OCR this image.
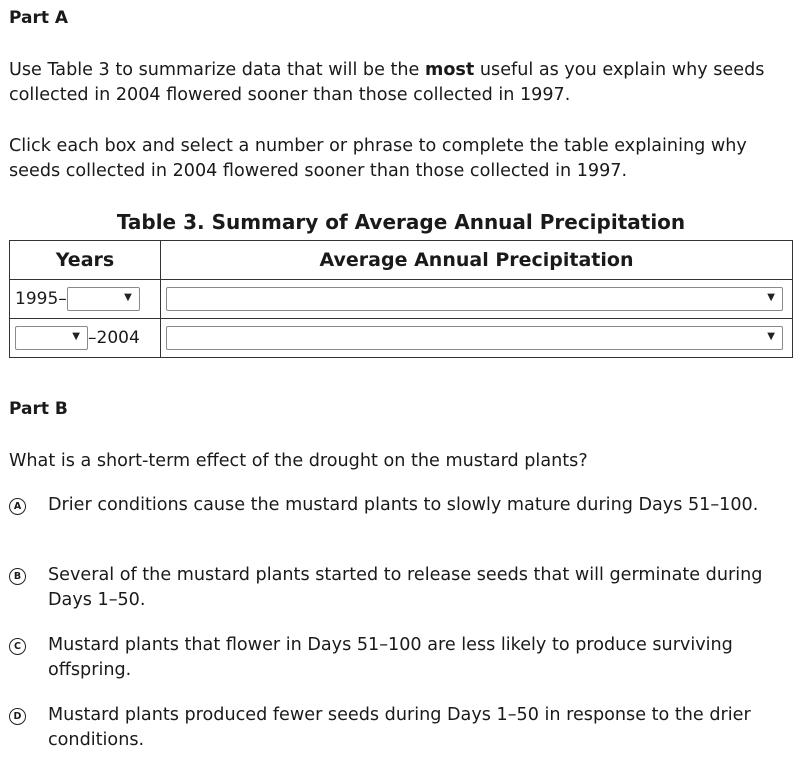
Part A
Use Table 3 to summarize data that will be the most useful as you explain why seeds collected in 2004 flowered sooner than those collected in 1997.
Click each box and select a number or phrase to complete the table explaining why seeds collected in 2004 flowered sooner than those collected in 1997.
Table 3. Summary of Average Annual Precipitation
Years	Average Annual Precipitation
1995– ▼	▼

▼ –2004	▼
Part B
What is a short-term effect of the drought on the mustard plants?
A Drier conditions cause the mustard plants to slowly mature during Days 51–100.
B Several of the mustard plants started to release seeds that will germinate during Days 1–50.
C Mustard plants that flower in Days 51–100 are less likely to produce surviving offspring.
D Mustard plants produced fewer seeds during Days 1–50 in response to the drier conditions.
